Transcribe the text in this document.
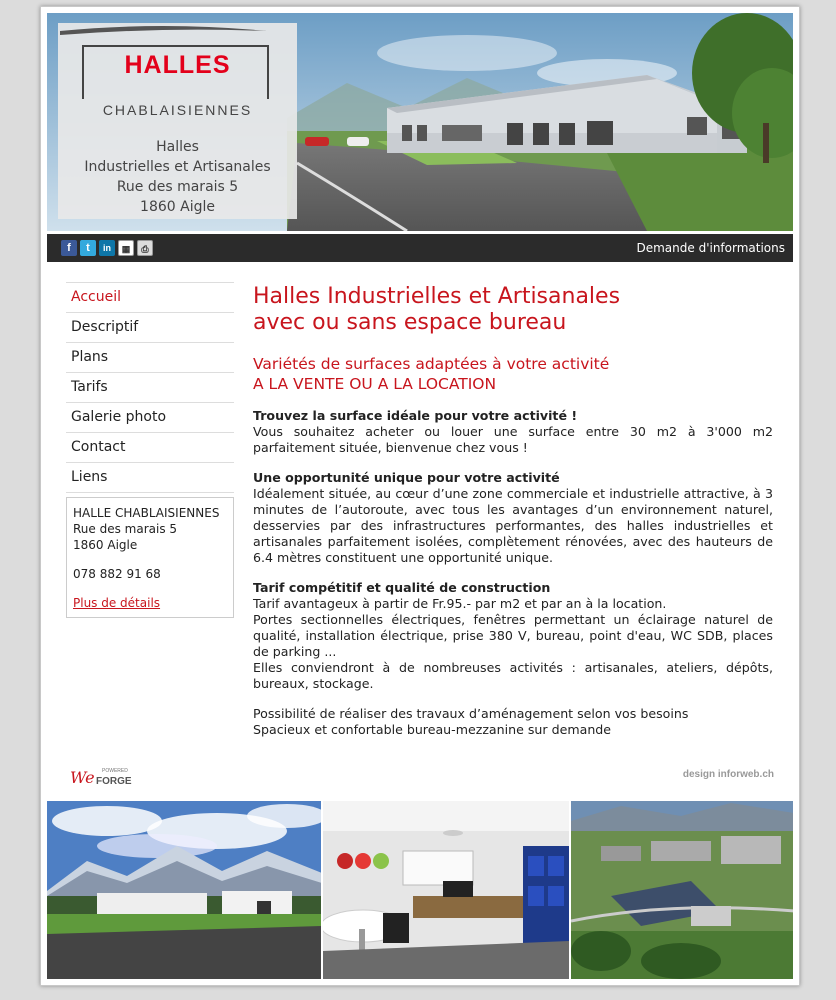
HALLES
CHABLAISIENNES
Halles
Industrielles et Artisanales
Rue des marais 5
1860 Aigle
f	t	in	▦	⎙	Demande d'informations
Accueil
Descriptif
Plans
Tarifs
Galerie photo
Contact
Liens

HALLE CHABLAISIENNES

Rue des marais 5

1860 Aigle

078 882 91 68

Plus de détails

Halles Industrielles et Artisanales
avec ou sans espace bureau
Variétés de surfaces adaptées à votre activité
A LA VENTE OU A LA LOCATION

Trouvez la surface idéale pour votre activité !
Vous souhaitez acheter ou louer une surface entre 30 m2 à 3'000 m2 parfaitement située, bienvenue chez vous !

Une opportunité unique pour votre activité
Idéalement située, au cœur d’une zone commerciale et industrielle attractive, à 3 minutes de l’autoroute, avec tous les avantages d’un environnement naturel, desservies par des infrastructures performantes, des halles industrielles et artisanales parfaitement isolées, complètement rénovées, avec des hauteurs de 6.4 mètres constituent une opportunité unique.

Tarif compétitif et qualité de construction
Tarif avantageux à partir de Fr.95.- par m2 et par an à la location.
Portes sectionnelles électriques, fenêtres permettant un éclairage naturel de qualité, installation électrique, prise 380 V, bureau, point d'eau, WC SDB, places de parking ...
Elles conviendront à de nombreuses activités : artisanales, ateliers, dépôts, bureaux, stockage.

Possibilité de réaliser des travaux d’aménagement selon vos besoins
Spacieux et confortable bureau-mezzanine sur demande

We POWERED
FORGE
design inforweb.ch
